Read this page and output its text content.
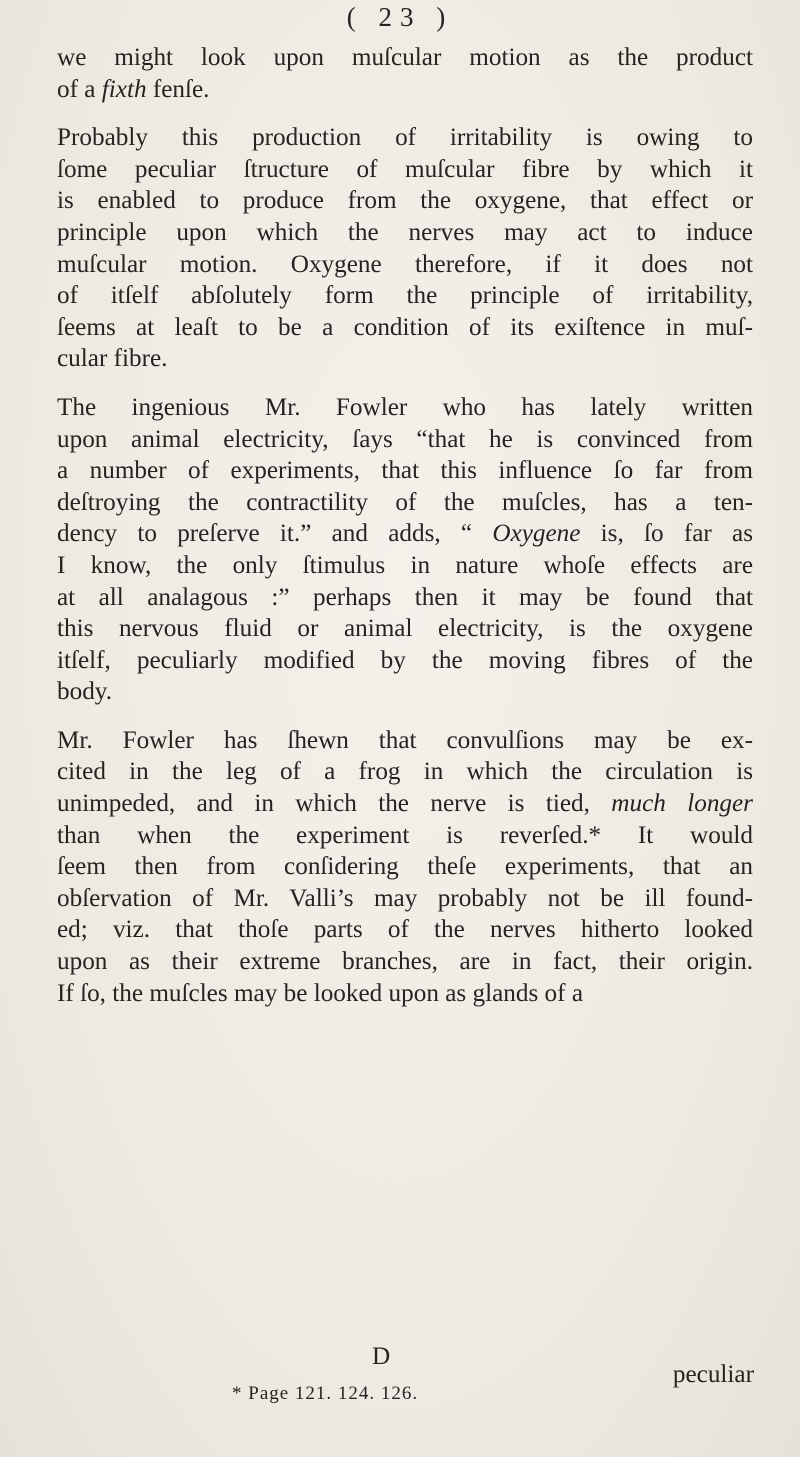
( 23 )
we might look upon muſcular motion as the product
of a fixth fenſe.
Probably this production of irritability is owing to
ſome peculiar ſtructure of muſcular fibre by which it
is enabled to produce from the oxygene, that effect or
principle upon which the nerves may act to induce
muſcular motion. Oxygene therefore, if it does not
of itſelf abſolutely form the principle of irritability,
ſeems at leaſt to be a condition of its exiſtence in muſ-
cular fibre.
The ingenious Mr. Fowler who has lately written
upon animal electricity, ſays “that he is convinced from
a number of experiments, that this influence ſo far from
deſtroying the contractility of the muſcles, has a ten-
dency to preſerve it.” and adds, “ Oxygene is, ſo far as
I know, the only ſtimulus in nature whoſe effects are
at all analagous :” perhaps then it may be found that
this nervous fluid or animal electricity, is the oxygene
itſelf, peculiarly modified by the moving fibres of the
body.
Mr. Fowler has ſhewn that convulſions may be ex-
cited in the leg of a frog in which the circulation is
unimpeded, and in which the nerve is tied, much longer
than when the experiment is reverſed.* It would
ſeem then from conſidering theſe experiments, that an
obſervation of Mr. Valli’s may probably not be ill found-
ed; viz. that thoſe parts of the nerves hitherto looked
upon as their extreme branches, are in fact, their origin.
If ſo, the muſcles may be looked upon as glands of a
D
peculiar
* Page 121. 124. 126.
